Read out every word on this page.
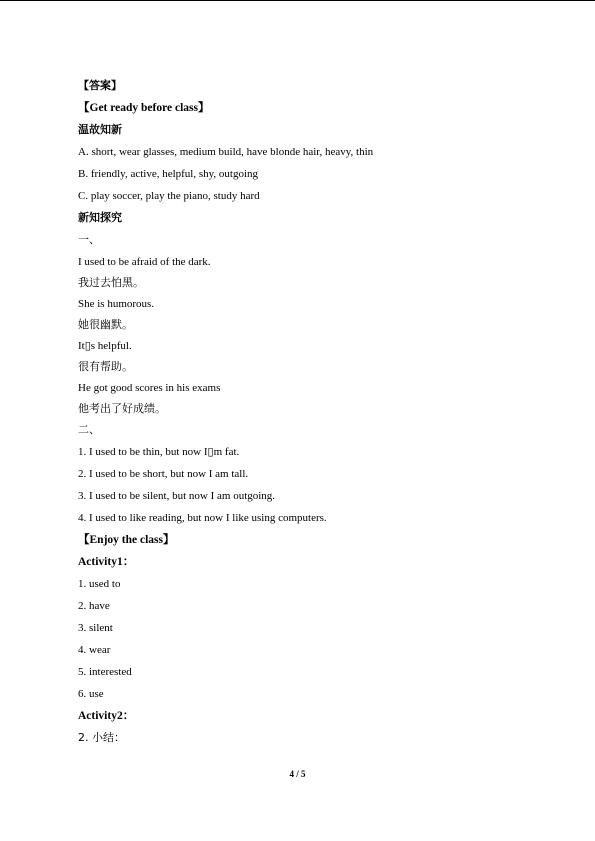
【答案】
【Get ready before class】
温故知新
A. short, wear glasses, medium build, have blonde hair, heavy, thin
B. friendly, active, helpful, shy, outgoing
C. play soccer, play the piano, study hard
新知探究
一、
I used to be afraid of the dark.
我过去怕黑。
She is humorous.
她很幽默。
It▯s helpful.
很有帮助。
He got good scores in his exams
他考出了好成绩。
二、
1. I used to be thin, but now I▯m fat.
2. I used to be short, but now I am tall.
3. I used to be silent, but now I am outgoing.
4. I used to like reading, but now I like using computers.
【Enjoy the class】
Activity1：
1. used to
2. have
3. silent
4. wear
5. interested
6. use
Activity2：
2. 小结：
4 / 5
